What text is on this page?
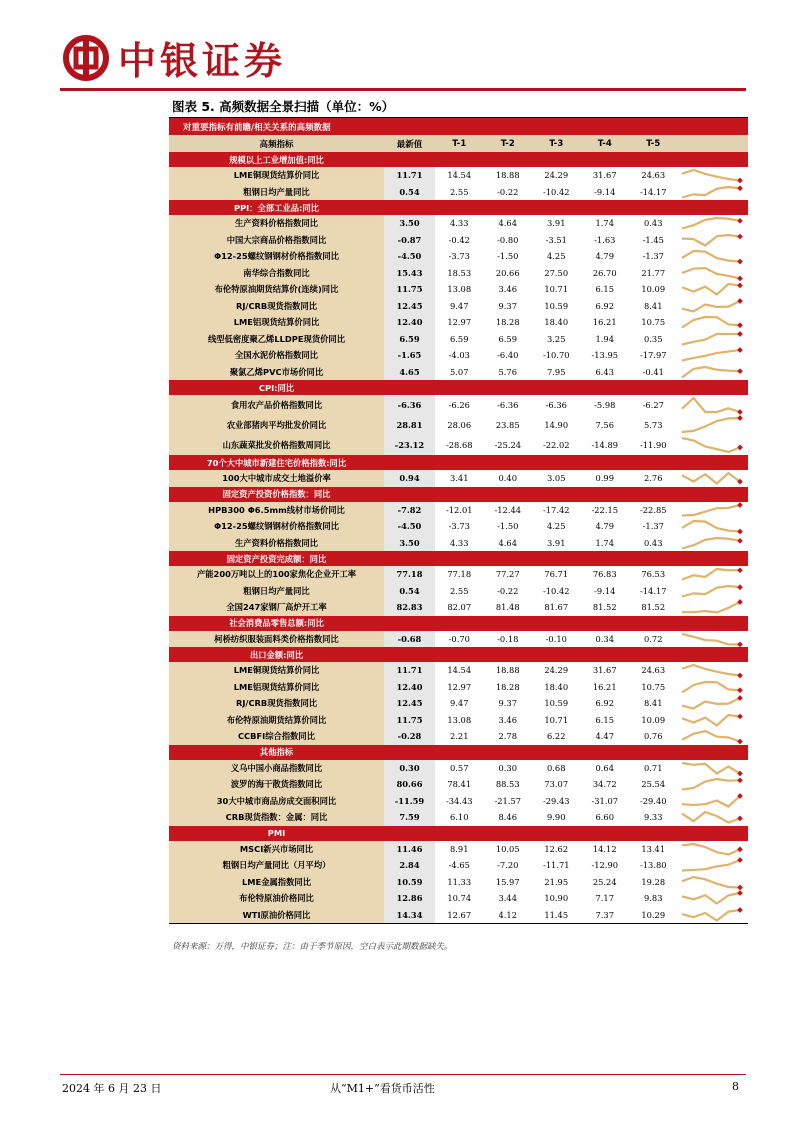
中银证券
图表 5. 高频数据全景扫描（单位：%）
对重要指标有前瞻/相关关系的高频数据
高频指标	最新值	T-1	T-2	T-3	T-4	T-5
规模以上工业增加值:同比
LME铜现货结算价同比	11.71	14.54	18.88	24.29	31.67	24.63
粗钢日均产量同比	0.54	2.55	-0.22	-10.42	-9.14	-14.17
PPI：全部工业品:同比
生产资料价格指数同比	3.50	4.33	4.64	3.91	1.74	0.43
中国大宗商品价格指数同比	-0.87	-0.42	-0.80	-3.51	-1.63	-1.45
Φ12-25螺纹钢钢材价格指数同比	-4.50	-3.73	-1.50	4.25	4.79	-1.37
南华综合指数同比	15.43	18.53	20.66	27.50	26.70	21.77
布伦特原油期货结算价(连续)同比	11.75	13.08	3.46	10.71	6.15	10.09
RJ/CRB现货指数同比	12.45	9.47	9.37	10.59	6.92	8.41
LME铝现货结算价同比	12.40	12.97	18.28	18.40	16.21	10.75
线型低密度聚乙烯LLDPE现货价同比	6.59	6.59	6.59	3.25	1.94	0.35
全国水泥价格指数同比	-1.65	-4.03	-6.40	-10.70	-13.95	-17.97
聚氯乙烯PVC市场价同比	4.65	5.07	5.76	7.95	6.43	-0.41
CPI:同比
食用农产品价格指数同比	-6.36	-6.26	-6.36	-6.36	-5.98	-6.27
农业部猪肉平均批发价同比	28.81	28.06	23.85	14.90	7.56	5.73
山东蔬菜批发价格指数周同比	-23.12	-28.68	-25.24	-22.02	-14.89	-11.90
70个大中城市新建住宅价格指数:同比
100大中城市成交土地溢价率	0.94	3.41	0.40	3.05	0.99	2.76
固定资产投资价格指数：同比
HPB300 Φ6.5mm线材市场价同比	-7.82	-12.01	-12.44	-17.42	-22.15	-22.85
Φ12-25螺纹钢钢材价格指数同比	-4.50	-3.73	-1.50	4.25	4.79	-1.37
生产资料价格指数同比	3.50	4.33	4.64	3.91	1.74	0.43
固定资产投资完成额：同比
产能200万吨以上的100家焦化企业开工率	77.18	77.18	77.27	76.71	76.83	76.53
粗钢日均产量同比	0.54	2.55	-0.22	-10.42	-9.14	-14.17
全国247家钢厂高炉开工率	82.83	82.07	81.48	81.67	81.52	81.52
社会消费品零售总额:同比
柯桥纺织服装面料类价格指数同比	-0.68	-0.70	-0.18	-0.10	0.34	0.72
出口金额:同比
LME铜现货结算价同比	11.71	14.54	18.88	24.29	31.67	24.63
LME铝现货结算价同比	12.40	12.97	18.28	18.40	16.21	10.75
RJ/CRB现货指数同比	12.45	9.47	9.37	10.59	6.92	8.41
布伦特原油期货结算价同比	11.75	13.08	3.46	10.71	6.15	10.09
CCBFI综合指数同比	-0.28	2.21	2.78	6.22	4.47	0.76
其他指标
义乌中国小商品指数同比	0.30	0.57	0.30	0.68	0.64	0.71
波罗的海干散货指数同比	80.66	78.41	88.53	73.07	34.72	25.54
30大中城市商品房成交面积同比	-11.59	-34.43	-21.57	-29.43	-31.07	-29.40
CRB现货指数：金属：同比	7.59	6.10	8.46	9.90	6.60	9.33
PMI
MSCI新兴市场同比	11.46	8.91	10.05	12.62	14.12	13.41
粗钢日均产量同比（月平均）	2.84	-4.65	-7.20	-11.71	-12.90	-13.80
LME金属指数同比	10.59	11.33	15.97	21.95	25.24	19.28
布伦特原油价格同比	12.86	10.74	3.44	10.90	7.17	9.83
WTI原油价格同比	14.34	12.67	4.12	11.45	7.37	10.29
资料来源：万得，中银证券；注：由于季节原因，空白表示此期数据缺失。
2024 年 6 月 23 日	从“M1+”看货币活性	8
